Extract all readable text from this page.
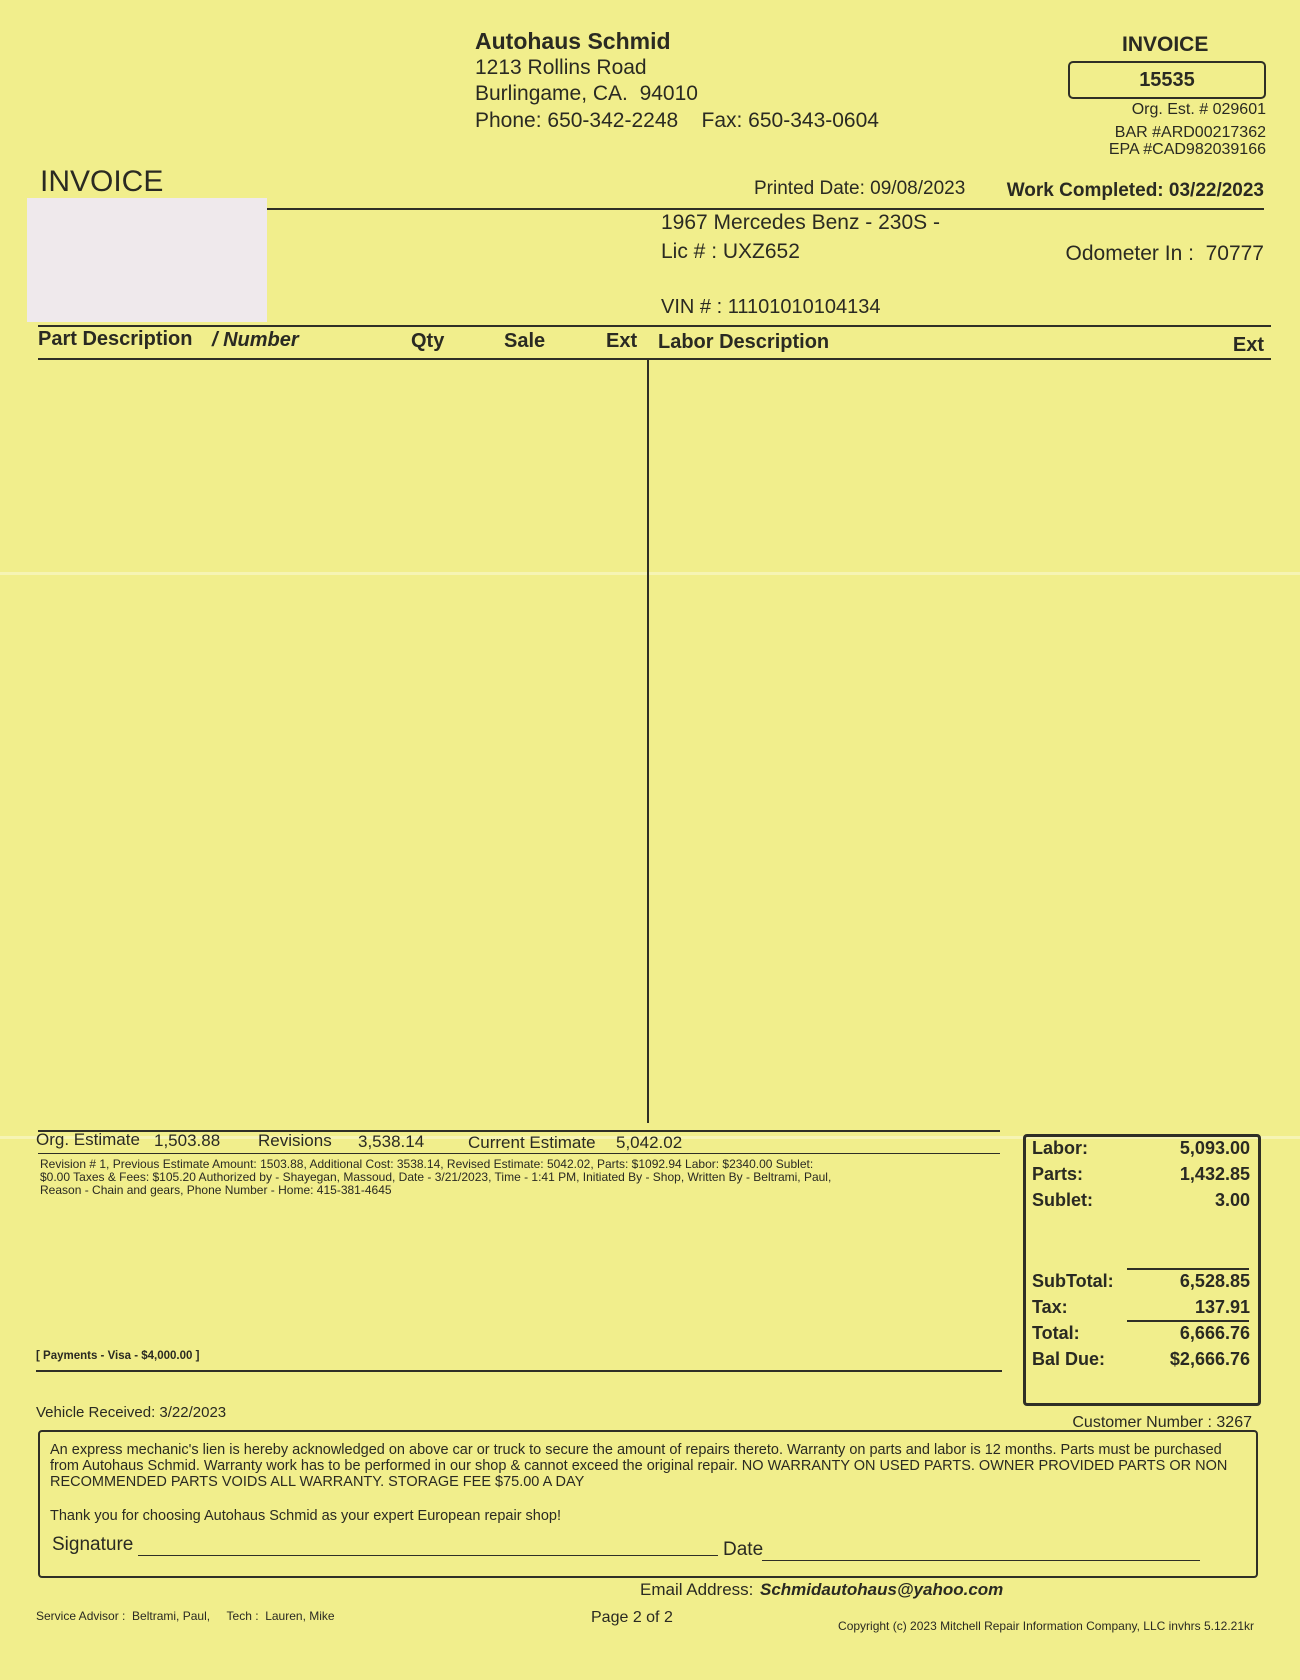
Autohaus Schmid
1213 Rollins Road
Burlingame, CA.  94010
Phone: 650-342-2248    Fax: 650-343-0604
INVOICE
15535
Org. Est. # 029601
BAR #ARD00217362
EPA #CAD982039166
INVOICE	Printed Date: 09/08/2023 Work Completed: 03/22/2023
1967 Mercedes Benz - 230S -
Lic # : UXZ652	Odometer In :  70777
VIN # : 11101010104134
Part Description / Number	Qty	Sale	Ext Labor Description	Ext
Org. Estimate 1,503.88 Revisions 3,538.14	Current Estimate 5,042.02
Revision # 1, Previous Estimate Amount: 1503.88, Additional Cost: 3538.14, Revised Estimate: 5042.02, Parts: $1092.94 Labor: $2340.00 Sublet:
$0.00 Taxes & Fees: $105.20 Authorized by - Shayegan, Massoud, Date - 3/21/2023, Time - 1:41 PM, Initiated By - Shop, Written By - Beltrami, Paul,
Reason - Chain and gears, Phone Number - Home: 415-381-4645
[ Payments - Visa - $4,000.00 ]
Labor:	5,093.00
Parts:	1,432.85
Sublet:	3.00
SubTotal:	6,528.85
Tax:	137.91
Total:	6,666.76
Bal Due:	$2,666.76
Vehicle Received: 3/22/2023
Customer Number : 3267
An express mechanic's lien is hereby acknowledged on above car or truck to secure the amount of repairs thereto. Warranty on parts and labor is 12 months. Parts must be purchased from Autohaus Schmid. Warranty work has to be performed in our shop & cannot exceed the original repair. NO WARRANTY ON USED PARTS. OWNER PROVIDED PARTS OR NON RECOMMENDED PARTS VOIDS ALL WARRANTY. STORAGE FEE $75.00 A DAY
Thank you for choosing Autohaus Schmid as your expert European repair shop!
Signature	Date
Email Address: Schmidautohaus@yahoo.com
Service Advisor :  Beltrami, Paul,     Tech :  Lauren, Mike	Page 2 of 2	Copyright (c) 2023 Mitchell Repair Information Company, LLC invhrs 5.12.21kr
